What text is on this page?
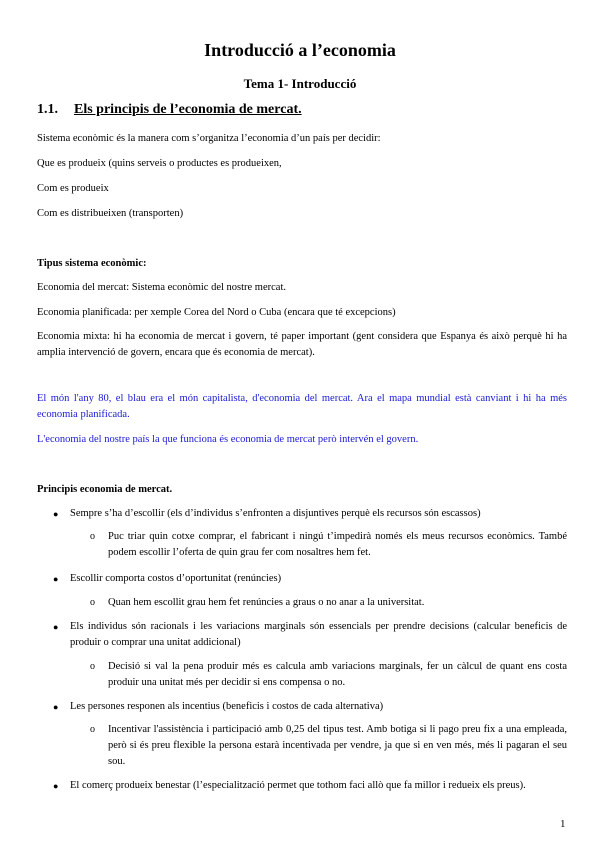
Introducció a l’economia
Tema 1- Introducció
1.1. Els principis de l’economia de mercat.
Sistema econòmic és la manera com s’organitza l’economia d’un país per decidir:
Que es produeix (quins serveis o productes es produeixen,
Com es produeix
Com es distribueixen (transporten)
Tipus sistema econòmic:
Economia del mercat: Sistema econòmic del nostre mercat.
Economia planificada: per xemple Corea del Nord o Cuba (encara que té excepcions)
Economia mixta: hi ha economia de mercat i govern, té paper important (gent considera que Espanya és això perquè hi ha amplia intervenció de govern, encara que és economia de mercat).
El món l'any 80, el blau era el món capitalista, d'economia del mercat. Ara el mapa mundial està canviant i hi ha més economia planificada.
L'economia del nostre país la que funciona és economia de mercat però intervén el govern.
Principis economia de mercat.
● Sempre s’ha d’escollir (els d’individus s’enfronten a disjuntives perquè els recursos són escassos)
o Puc triar quin cotxe comprar, el fabricant i ningú t’impedirà només els meus recursos econòmics. També podem escollir l’oferta de quin grau fer com nosaltres hem fet.
● Escollir comporta costos d’oportunitat (renúncies)
o Quan hem escollit grau hem fet renúncies a graus o no anar a la universitat.
● Els individus són racionals i les variacions marginals són essencials per prendre decisions (calcular beneficis de produir o comprar una unitat addicional)
o Decisió si val la pena produir més es calcula amb variacions marginals, fer un càlcul de quant ens costa produir una unitat més per decidir si ens compensa o no.
● Les persones responen als incentius (beneficis i costos de cada alternativa)
o Incentivar l'assistència i participació amb 0,25 del tipus test. Amb botiga si li pago preu fix a una empleada, però si és preu flexible la persona estarà incentivada per vendre, ja que si en ven més, més li pagaran el seu sou.
● El comerç produeix benestar (l’especialització permet que tothom faci allò que fa millor i redueix els preus).
1
